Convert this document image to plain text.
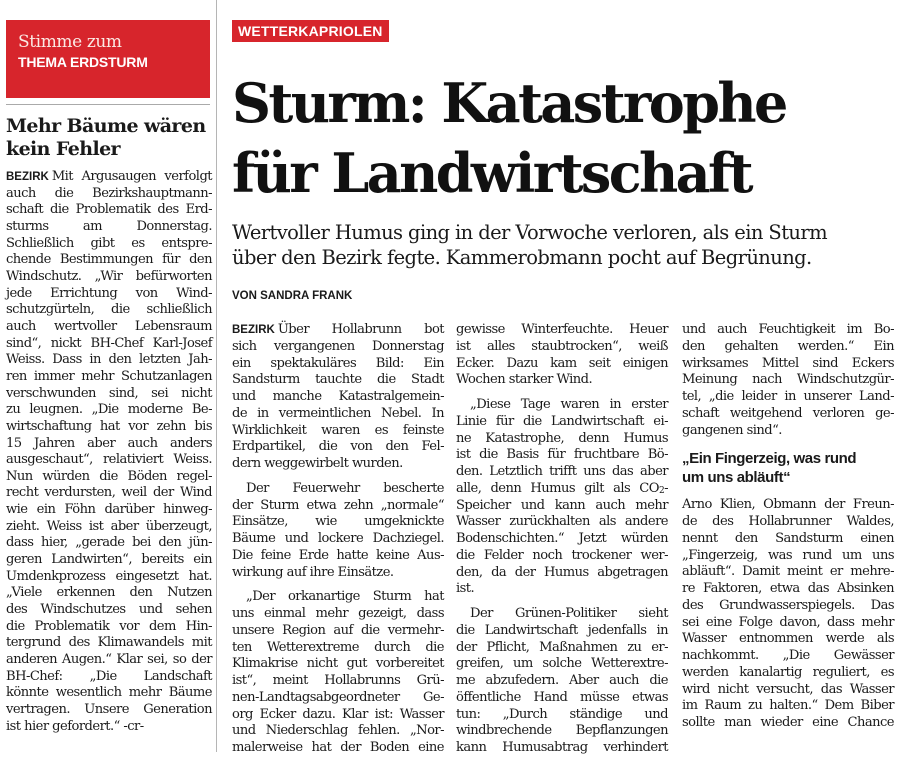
Stimme zum
THEMA ERDSTURM
Mehr Bäume wären
kein Fehler
BEZIRK Mit Argusaugen verfolgt
auch die Bezirkshauptmann-
schaft die Problematik des Erd-
sturms am Donnerstag.
Schließlich gibt es entspre-
chende Bestimmungen für den
Windschutz. „Wir befürworten
jede Errichtung von Wind-
schutzgürteln, die schließlich
auch wertvoller Lebensraum
sind“, nickt BH-Chef Karl-Josef
Weiss. Dass in den letzten Jah-
ren immer mehr Schutzanlagen
verschwunden sind, sei nicht
zu leugnen. „Die moderne Be-
wirtschaftung hat vor zehn bis
15 Jahren aber auch anders
ausgeschaut“, relativiert Weiss.
Nun würden die Böden regel-
recht verdursten, weil der Wind
wie ein Föhn darüber hinweg-
zieht. Weiss ist aber überzeugt,
dass hier, „gerade bei den jün-
geren Landwirten“, bereits ein
Umdenkprozess eingesetzt hat.
„Viele erkennen den Nutzen
des Windschutzes und sehen
die Problematik vor dem Hin-
tergrund des Klimawandels mit
anderen Augen.“ Klar sei, so der
BH-Chef: „Die Landschaft
könnte wesentlich mehr Bäume
vertragen. Unsere Generation
ist hier gefordert.“ -cr-
WETTERKAPRIOLEN
Sturm: Katastrophe
für Landwirtschaft
Wertvoller Humus ging in der Vorwoche verloren, als ein Sturm
über den Bezirk fegte. Kammerobmann pocht auf Begrünung.
VON SANDRA FRANK
BEZIRK Über Hollabrunn bot
sich vergangenen Donnerstag
ein spektakuläres Bild: Ein
Sandsturm tauchte die Stadt
und manche Katastralgemein-
de in vermeintlichen Nebel. In
Wirklichkeit waren es feinste
Erdpartikel, die von den Fel-
dern weggewirbelt wurden.
Der Feuerwehr bescherte
der Sturm etwa zehn „normale“
Einsätze, wie umgeknickte
Bäume und lockere Dachziegel.
Die feine Erde hatte keine Aus-
wirkung auf ihre Einsätze.
„Der orkanartige Sturm hat
uns einmal mehr gezeigt, dass
unsere Region auf die vermehr-
ten Wetterextreme durch die
Klimakrise nicht gut vorbereitet
ist“, meint Hollabrunns Grü-
nen-Landtagsabgeordneter Ge-
org Ecker dazu. Klar ist: Wasser
und Niederschlag fehlen. „Nor-
malerweise hat der Boden eine
gewisse Winterfeuchte. Heuer
ist alles staubtrocken“, weiß
Ecker. Dazu kam seit einigen
Wochen starker Wind.
„Diese Tage waren in erster
Linie für die Landwirtschaft ei-
ne Katastrophe, denn Humus
ist die Basis für fruchtbare Bö-
den. Letztlich trifft uns das aber
alle, denn Humus gilt als $CO_2-$
Speicher und kann auch mehr
Wasser zurückhalten als andere
Bodenschichten.“ Jetzt würden
die Felder noch trockener wer-
den, da der Humus abgetragen
ist.
Der Grünen-Politiker sieht
die Landwirtschaft jedenfalls in
der Pflicht, Maßnahmen zu er-
greifen, um solche Wetterextre-
me abzufedern. Aber auch die
öffentliche Hand müsse etwas
tun: „Durch ständige und
windbrechende Bepflanzungen
kann Humusabtrag verhindert
und auch Feuchtigkeit im Bo-
den gehalten werden.“ Ein
wirksames Mittel sind Eckers
Meinung nach Windschutzgür-
tel, „die leider in unserer Land-
schaft weitgehend verloren ge-
gangenen sind“.
„Ein Fingerzeig, was rund
um uns abläuft“
Arno Klien, Obmann der Freun-
de des Hollabrunner Waldes,
nennt den Sandsturm einen
„Fingerzeig, was rund um uns
abläuft“. Damit meint er mehre-
re Faktoren, etwa das Absinken
des Grundwasserspiegels. Das
sei eine Folge davon, dass mehr
Wasser entnommen werde als
nachkommt. „Die Gewässer
werden kanalartig reguliert, es
wird nicht versucht, das Wasser
im Raum zu halten.“ Dem Biber
sollte man wieder eine Chance
